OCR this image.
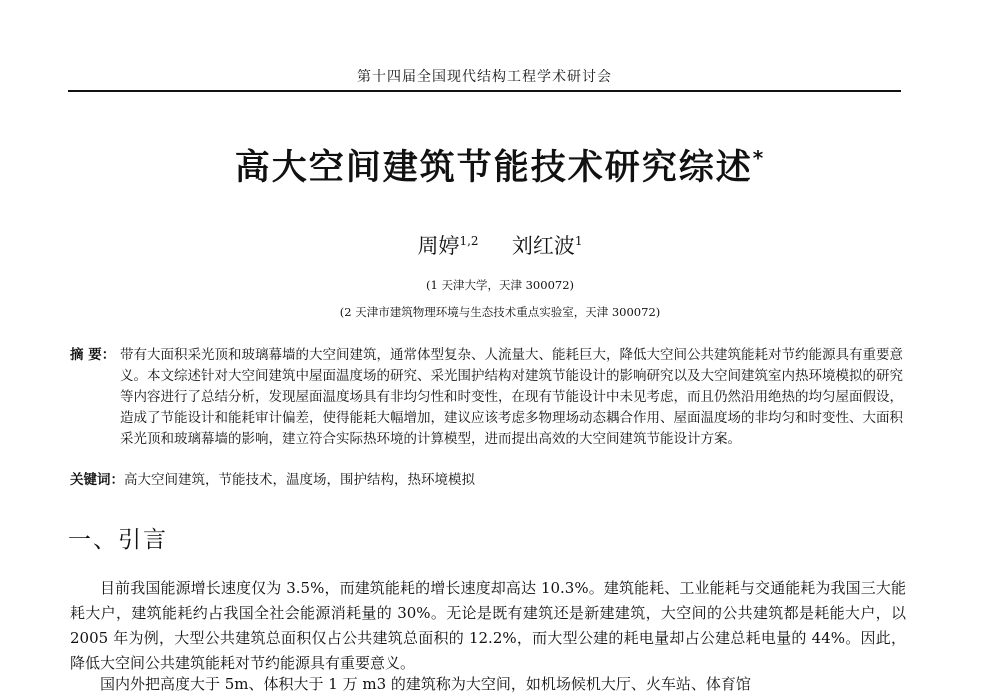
第十四届全国现代结构工程学术研讨会
高大空间建筑节能技术研究综述*
周婷$^{1,2}$ 刘红波$^1$
(1 天津大学，天津 300072)
(2 天津市建筑物理环境与生态技术重点实验室，天津 300072)
摘 要： 带有大面积采光顶和玻璃幕墙的大空间建筑，通常体型复杂、人流量大、能耗巨大，降低大空间公共建筑能耗对节约能源具有重要意义。本文综述针对大空间建筑中屋面温度场的研究、采光围护结构对建筑节能设计的影响研究以及大空间建筑室内热环境模拟的研究等内容进行了总结分析，发现屋面温度场具有非均匀性和时变性，在现有节能设计中未见考虑，而且仍然沿用绝热的均匀屋面假设，造成了节能设计和能耗审计偏差，使得能耗大幅增加，建议应该考虑多物理场动态耦合作用、屋面温度场的非均匀和时变性、大面积采光顶和玻璃幕墙的影响，建立符合实际热环境的计算模型，进而提出高效的大空间建筑节能设计方案。
关键词：高大空间建筑，节能技术，温度场，围护结构，热环境模拟
一、引言
目前我国能源增长速度仅为 3.5%，而建筑能耗的增长速度却高达 10.3%。建筑能耗、工业能耗与交通能耗为我国三大能耗大户，建筑能耗约占我国全社会能源消耗量的 30%。无论是既有建筑还是新建建筑，大空间的公共建筑都是耗能大户，以 2005 年为例，大型公共建筑总面积仅占公共建筑总面积的 12.2%，而大型公建的耗电量却占公建总耗电量的 44%。因此，降低大空间公共建筑能耗对节约能源具有重要意义。
国内外把高度大于 5m、体积大于 1 万 m3 的建筑称为大空间，如机场候机大厅、火车站、体育馆
